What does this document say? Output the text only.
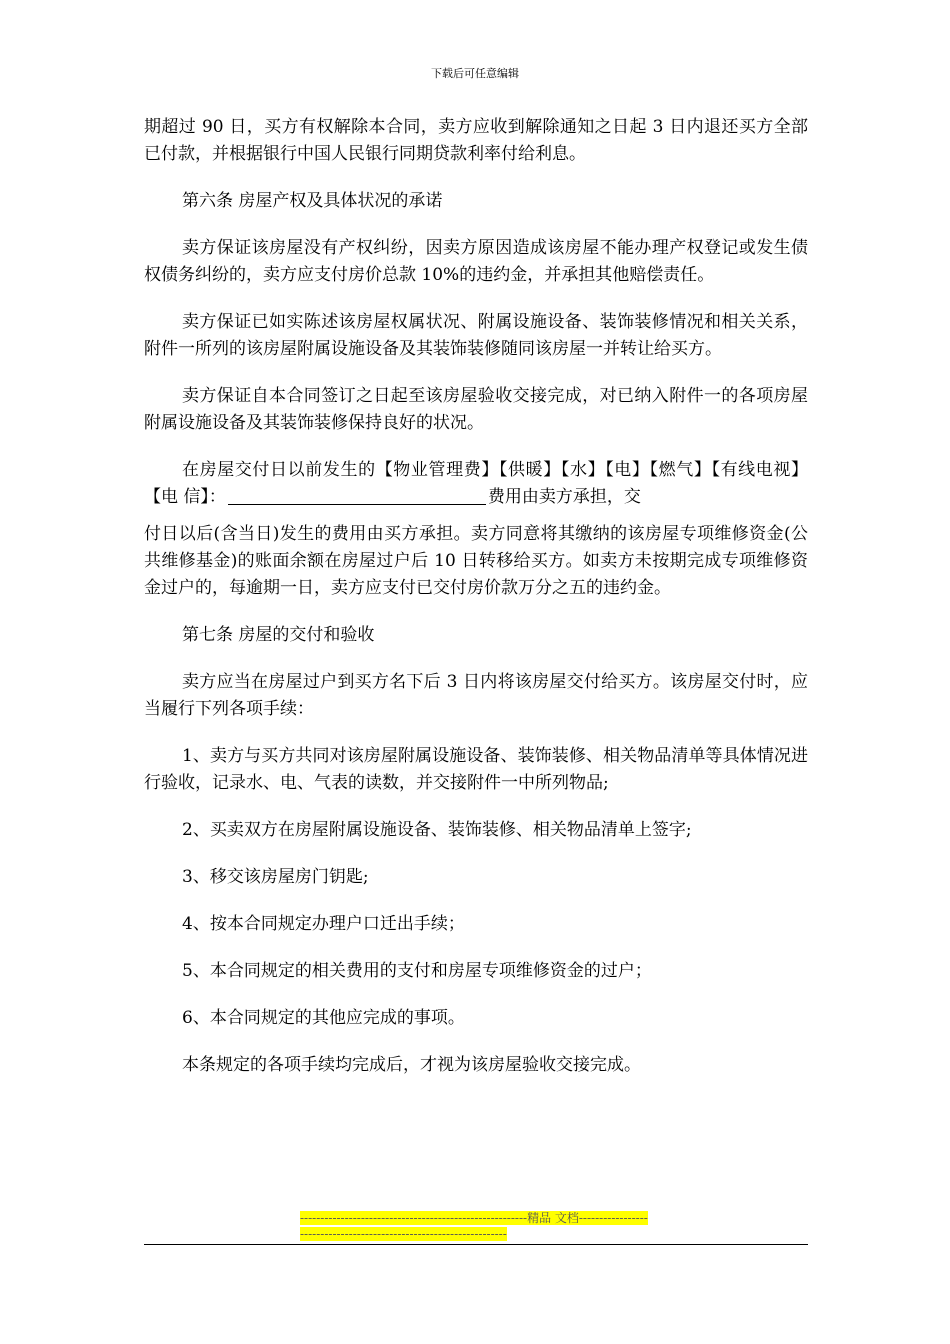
下载后可任意编辑

期超过 90 日，买方有权解除本合同，卖方应收到解除通知之日起 3 日内退还买方全部已付款，并根据银行中国人民银行同期贷款利率付给利息。

第六条 房屋产权及具体状况的承诺

卖方保证该房屋没有产权纠纷，因卖方原因造成该房屋不能办理产权登记或发生债权债务纠纷的，卖方应支付房价总款 10%的违约金，并承担其他赔偿责任。

卖方保证已如实陈述该房屋权属状况、附属设施设备、装饰装修情况和相关关系，附件一所列的该房屋附属设施设备及其装饰装修随同该房屋一并转让给买方。

卖方保证自本合同签订之日起至该房屋验收交接完成，对已纳入附件一的各项房屋附属设施设备及其装饰装修保持良好的状况。

在房屋交付日以前发生的【物业管理费】【供暖】【水】【电】【燃气】【有线电视】【电 信】：	费用由卖方承担，交

付日以后(含当日)发生的费用由买方承担。卖方同意将其缴纳的该房屋专项维修资金(公共维修基金)的账面余额在房屋过户后 10 日转移给买方。如卖方未按期完成专项维修资金过户的，每逾期一日，卖方应支付已交付房价款万分之五的违约金。

第七条 房屋的交付和验收

卖方应当在房屋过户到买方名下后 3 日内将该房屋交付给买方。该房屋交付时，应当履行下列各项手续：

1、卖方与买方共同对该房屋附属设施设备、装饰装修、相关物品清单等具体情况进行验收，记录水、电、气表的读数，并交接附件一中所列物品;

2、买卖双方在房屋附属设施设备、装饰装修、相关物品清单上签字;

3、移交该房屋房门钥匙;

4、按本合同规定办理户口迁出手续；

5、本合同规定的相关费用的支付和房屋专项维修资金的过户；

6、本合同规定的其他应完成的事项。

本条规定的各项手续均完成后，才视为该房屋验收交接完成。

--------------------------------------------------------精品 文档--------------------------------------------------------------------
